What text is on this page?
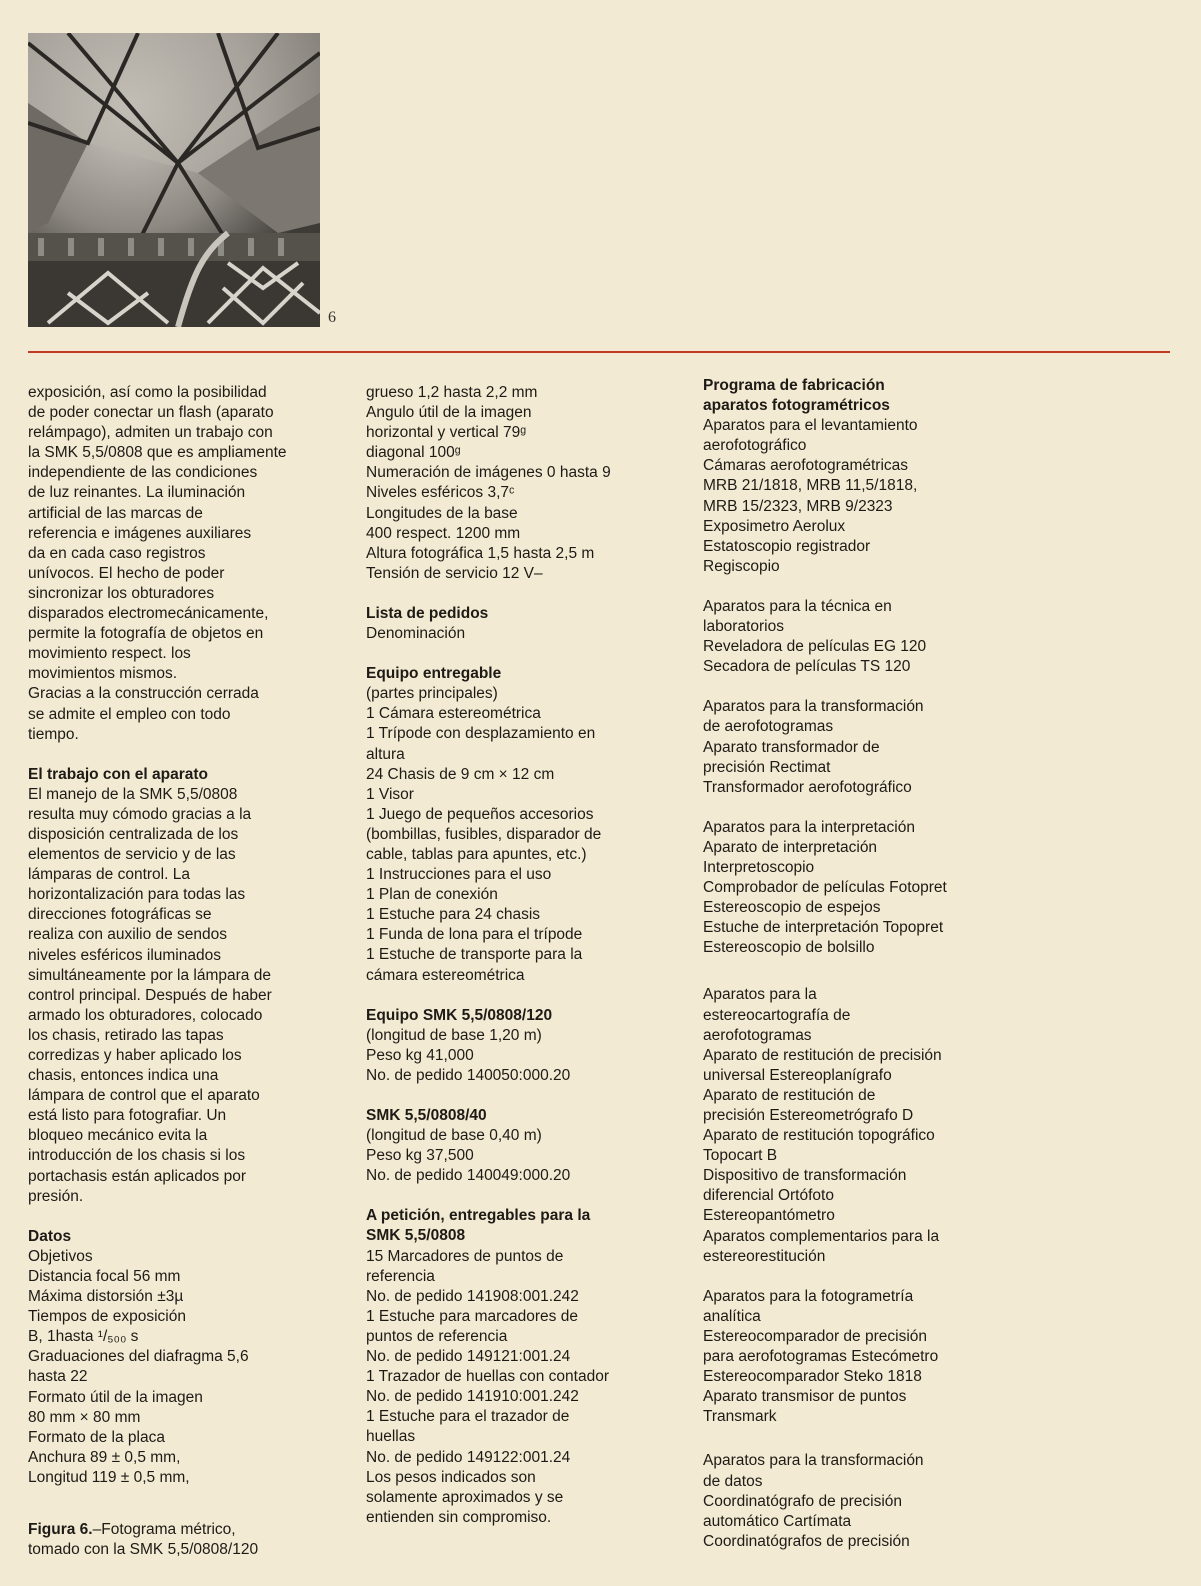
6
exposición, así como la posibilidad
de poder conectar un flash (aparato
relámpago), admiten un trabajo con
la SMK 5,5/0808 que es ampliamente
independiente de las condiciones
de luz reinantes. La iluminación
artificial de las marcas de
referencia e imágenes auxiliares
da en cada caso registros
unívocos. El hecho de poder
sincronizar los obturadores
disparados electromecánicamente,
permite la fotografía de objetos en
movimiento respect. los
movimientos mismos.
Gracias a la construcción cerrada
se admite el empleo con todo
tiempo.
El trabajo con el aparato
El manejo de la SMK 5,5/0808
resulta muy cómodo gracias a la
disposición centralizada de los
elementos de servicio y de las
lámparas de control. La
horizontalización para todas las
direcciones fotográficas se
realiza con auxilio de sendos
niveles esféricos iluminados
simultáneamente por la lámpara de
control principal. Después de haber
armado los obturadores, colocado
los chasis, retirado las tapas
corredizas y haber aplicado los
chasis, entonces indica una
lámpara de control que el aparato
está listo para fotografiar. Un
bloqueo mecánico evita la
introducción de los chasis si los
portachasis están aplicados por
presión.
Datos
Objetivos
Distancia focal 56 mm
Máxima distorsión ±3µ
Tiempos de exposición
B, 1hasta ¹/₅₀₀ s
Graduaciones del diafragma 5,6
hasta 22
Formato útil de la imagen
80 mm × 80 mm
Formato de la placa
Anchura 89 ± 0,5 mm,
Longitud 119 ± 0,5 mm,
Figura 6.–Fotograma métrico,
tomado con la SMK 5,5/0808/120
grueso 1,2 hasta 2,2 mm
Angulo útil de la imagen
horizontal y vertical 79ᵍ
diagonal 100ᵍ
Numeración de imágenes 0 hasta 9
Niveles esféricos 3,7ᶜ
Longitudes de la base
400 respect. 1200 mm
Altura fotográfica 1,5 hasta 2,5 m
Tensión de servicio 12 V–
Lista de pedidos
Denominación
Equipo entregable
(partes principales)
1 Cámara estereométrica
1 Trípode con desplazamiento en
altura
24 Chasis de 9 cm × 12 cm
1 Visor
1 Juego de pequeños accesorios
(bombillas, fusibles, disparador de
cable, tablas para apuntes, etc.)
1 Instrucciones para el uso
1 Plan de conexión
1 Estuche para 24 chasis
1 Funda de lona para el trípode
1 Estuche de transporte para la
cámara estereométrica
Equipo SMK 5,5/0808/120
(longitud de base 1,20 m)
Peso kg 41,000
No. de pedido 140050:000.20
SMK 5,5/0808/40
(longitud de base 0,40 m)
Peso kg 37,500
No. de pedido 140049:000.20
A petición, entregables para la
SMK 5,5/0808
15 Marcadores de puntos de
referencia
No. de pedido 141908:001.242
1 Estuche para marcadores de
puntos de referencia
No. de pedido 149121:001.24
1 Trazador de huellas con contador
No. de pedido 141910:001.242
1 Estuche para el trazador de
huellas
No. de pedido 149122:001.24
Los pesos indicados son
solamente aproximados y se
entienden sin compromiso.
Programa de fabricación
aparatos fotogramétricos
Aparatos para el levantamiento
aerofotográfico
Cámaras aerofotogramétricas
MRB 21/1818, MRB 11,5/1818,
MRB 15/2323, MRB 9/2323
Exposimetro Aerolux
Estatoscopio registrador
Regiscopio
Aparatos para la técnica en
laboratorios
Reveladora de películas EG 120
Secadora de películas TS 120
Aparatos para la transformación
de aerofotogramas
Aparato transformador de
precisión Rectimat
Transformador aerofotográfico
Aparatos para la interpretación
Aparato de interpretación
Interpretoscopio
Comprobador de películas Fotopret
Estereoscopio de espejos
Estuche de interpretación Topopret
Estereoscopio de bolsillo
Aparatos para la
estereocartografía de
aerofotogramas
Aparato de restitución de precisión
universal Estereoplanígrafo
Aparato de restitución de
precisión Estereometrógrafo D
Aparato de restitución topográfico
Topocart B
Dispositivo de transformación
diferencial Ortófoto
Estereopantómetro
Aparatos complementarios para la
estereorestitución
Aparatos para la fotogrametría
analítica
Estereocomparador de precisión
para aerofotogramas Estecómetro
Estereocomparador Steko 1818
Aparato transmisor de puntos
Transmark
Aparatos para la transformación
de datos
Coordinatógrafo de precisión
automático Cartímata
Coordinatógrafos de precisión
